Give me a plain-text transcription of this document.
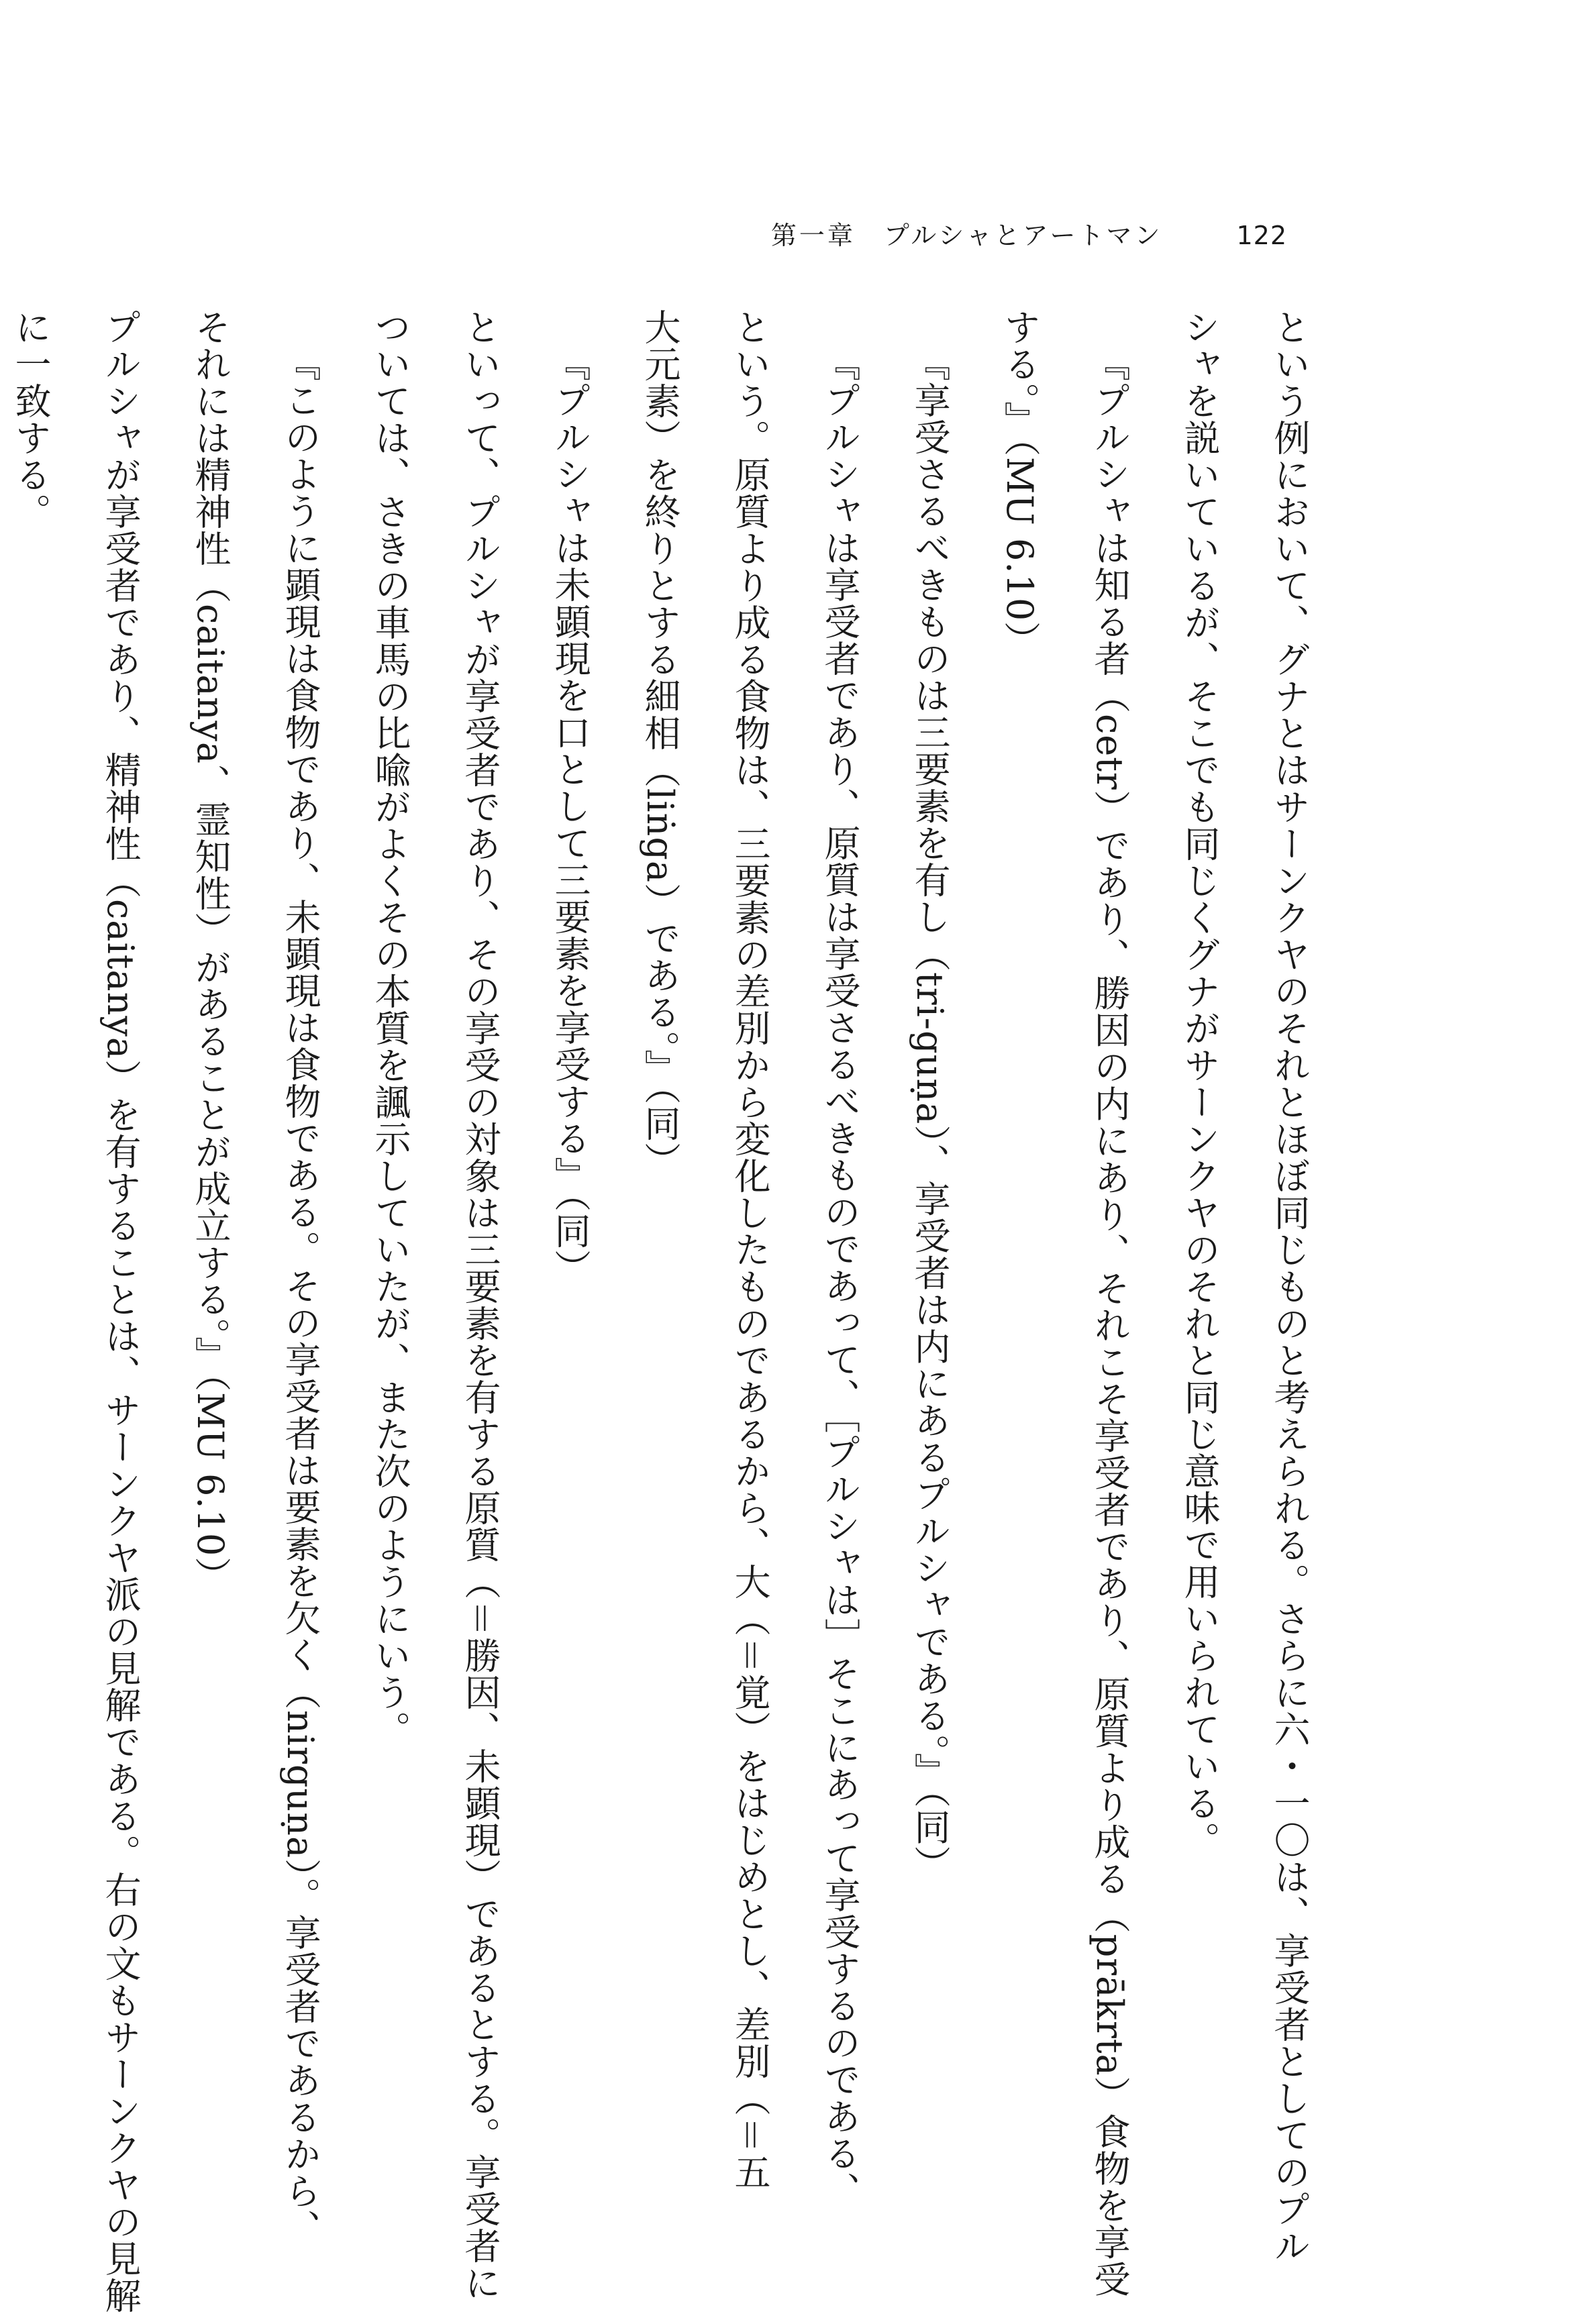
第一章　プルシャとアートマン	122
という例において、グナとはサーンクヤのそれとほぼ同じものと考えられる。さらに六・一〇は、享受者としてのプル
シャを説いているが、そこでも同じくグナがサーンクヤのそれと同じ意味で用いられている。
『プルシャは知る者（cetr）であり、勝因の内にあり、それこそ享受者であり、原質より成る（prākrta）食物を享受
する。』（MU 6.10）
『享受さるべきものは三要素を有し（tri-guṇa）、享受者は内にあるプルシャである。』（同）
『プルシャは享受者であり、原質は享受さるべきものであって、［プルシャは］そこにあって享受するのである、
という。原質より成る食物は、三要素の差別から変化したものであるから、大（＝覚）をはじめとし、差別（＝五
大元素）を終りとする細相（liṅga）である。』（同）
『プルシャは未顕現を口として三要素を享受する』（同）
といって、プルシャが享受者であり、その享受の対象は三要素を有する原質（＝勝因、未顕現）であるとする。享受者に
ついては、さきの車馬の比喩がよくその本質を諷示していたが、また次のようにいう。
『このように顕現は食物であり、未顕現は食物である。その享受者は要素を欠く（nirguṇa）。享受者であるから、
それには精神性（caitanya、霊知性）があることが成立する。』（MU 6.10）
プルシャが享受者であり、精神性（caitanya）を有することは、サーンクヤ派の見解である。右の文もサーンクヤの見解
に一致する。
